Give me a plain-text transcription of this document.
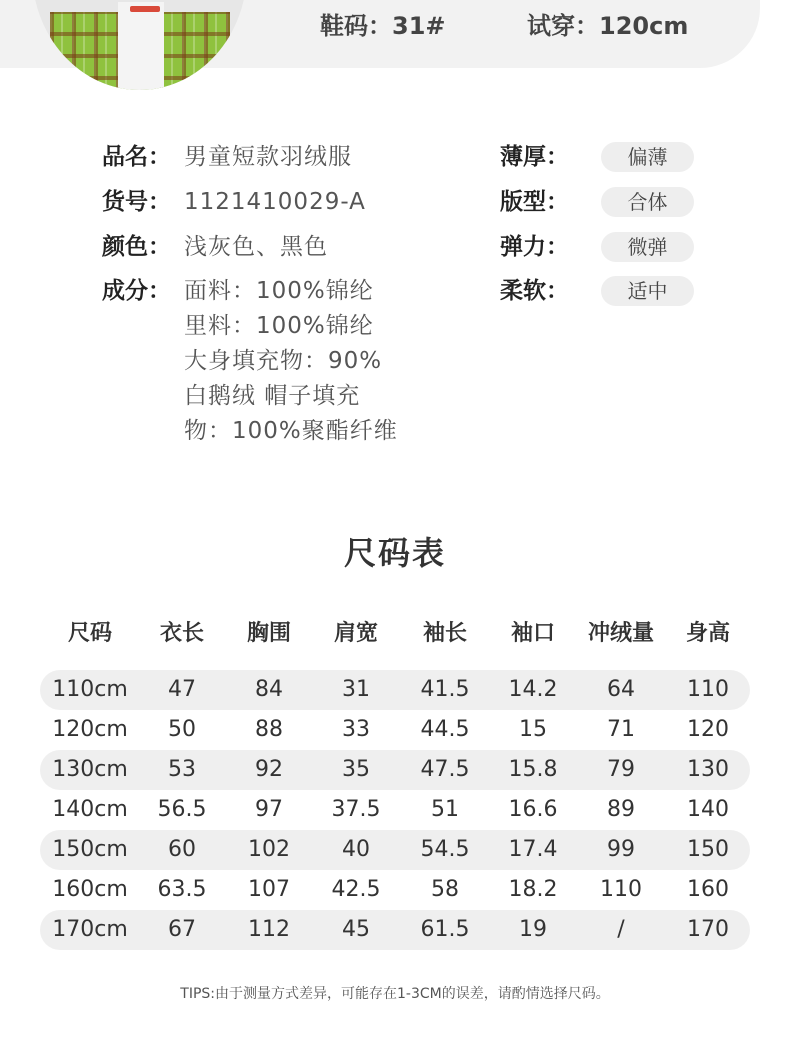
鞋码：31#	试穿：120cm
品名： 男童短款羽绒服
货号： 1121410029-A
颜色： 浅灰色、黑色
成分： 面料：100%锦纶
里料：100%锦纶
大身填充物：90%
白鹅绒 帽子填充
物：100%聚酯纤维
薄厚：	偏薄
版型：	合体
弹力：	微弹
柔软：	适中
尺码表
尺码	衣长	胸围	肩宽	袖长	袖口	冲绒量	身高
110cm	47	84	31	41.5	14.2	64	110
120cm	50	88	33	44.5	15	71	120
130cm	53	92	35	47.5	15.8	79	130
140cm	56.5	97	37.5	51	16.6	89	140
150cm	60	102	40	54.5	17.4	99	150
160cm	63.5	107	42.5	58	18.2	110	160
170cm	67	112	45	61.5	19	/	170
TIPS:由于测量方式差异，可能存在1-3CM的误差，请酌情选择尺码。
